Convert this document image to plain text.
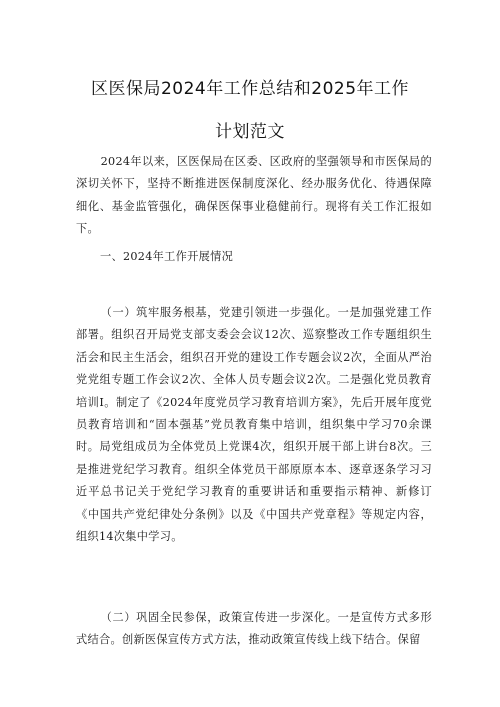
区医保局2024年工作总结和2025年工作
计划范文
2024年以来，区医保局在区委、区政府的坚强领导和市医保局的深切关怀下，坚持不断推进医保制度深化、经办服务优化、待遇保障细化、基金监管强化，确保医保事业稳健前行。现将有关工作汇报如下。
一、2024年工作开展情况
（一）筑牢服务根基，党建引领进一步强化。一是加强党建工作部署。组织召开局党支部支委会会议12次、巡察整改工作专题组织生活会和民主生活会，组织召开党的建设工作专题会议2次，全面从严治党党组专题工作会议2次、全体人员专题会议2次。二是强化党员教育培训I。制定了《2024年度党员学习教育培训方案》，先后开展年度党员教育培训和“固本强基”党员教育集中培训，组织集中学习70余课时。局党组成员为全体党员上党课4次，组织开展干部上讲台8次。三是推进党纪学习教育。组织全体党员干部原原本本、逐章逐条学习习近平总书记关于党纪学习教育的重要讲话和重要指示精神、新修订《中国共产党纪律处分条例》以及《中国共产党章程》等规定内容，组织14次集中学习。
（二）巩固全民参保，政策宣传进一步深化。一是宣传方式多形式结合。创新医保宣传方式方法，推动政策宣传线上线下结合。保留
